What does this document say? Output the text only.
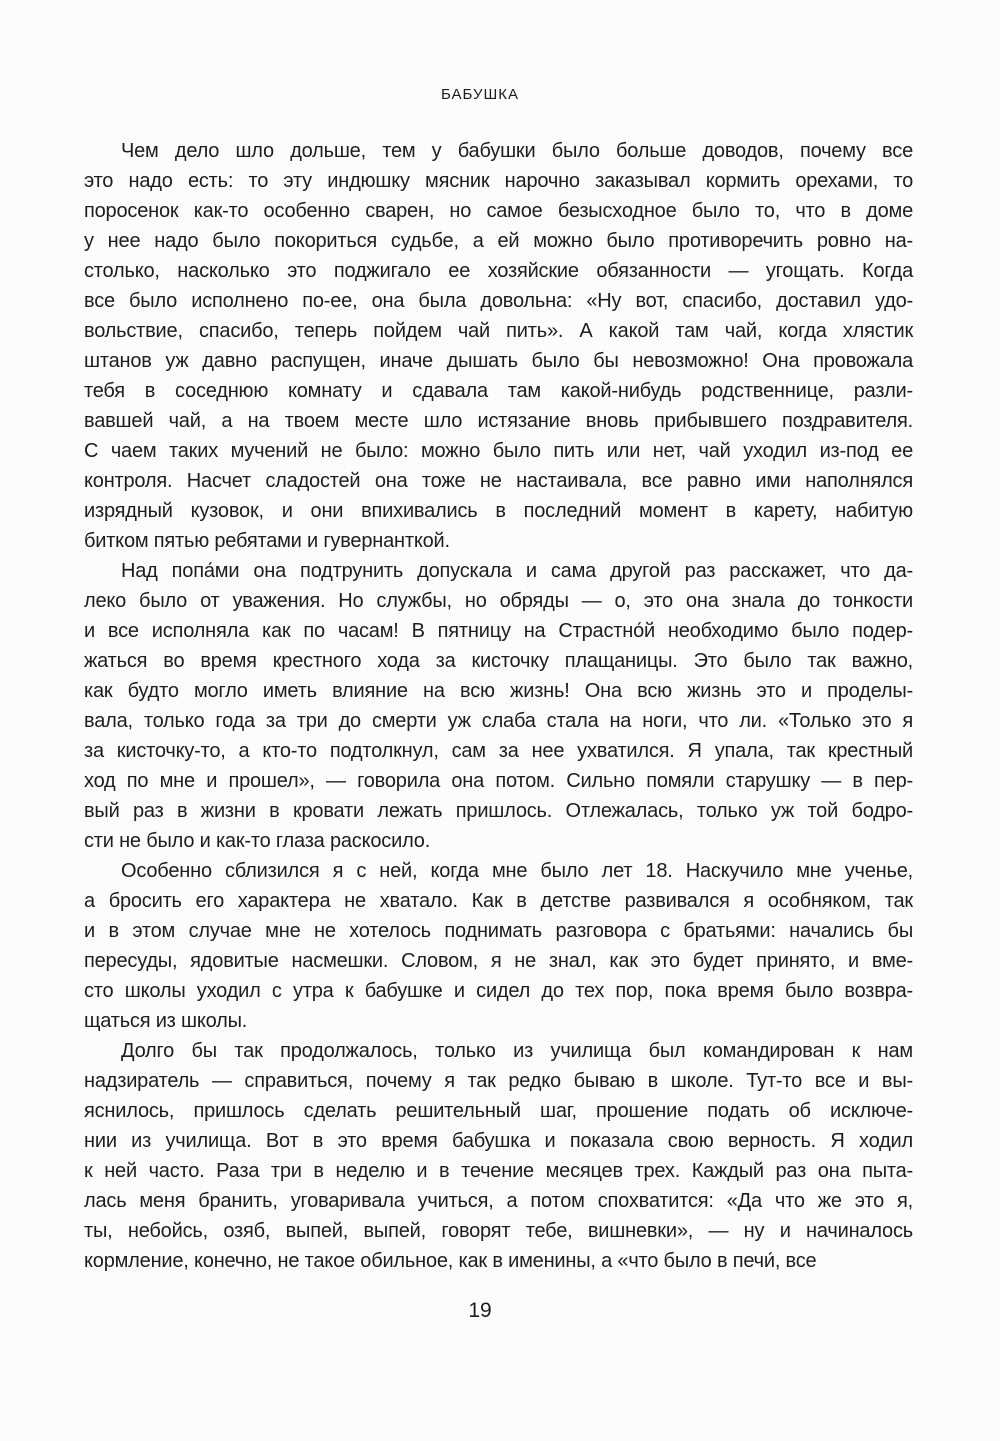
БАБУШКА
Чем дело шло дольше, тем у бабушки было больше доводов, почему все
это надо есть: то эту индюшку мясник нарочно заказывал кормить орехами, то
поросенок как-то особенно сварен, но самое безысходное было то, что в доме
у нее надо было покориться судьбе, а ей можно было противоречить ровно на-
столько, насколько это поджигало ее хозяйские обязанности — угощать. Когда
все было исполнено по-ее, она была довольна: «Ну вот, спасибо, доставил удо-
вольствие, спасибо, теперь пойдем чай пить». А какой там чай, когда хлястик
штанов уж давно распущен, иначе дышать было бы невозможно! Она провожала
тебя в соседнюю комнату и сдавала там какой-нибудь родственнице, разли-
вавшей чай, а на твоем месте шло истязание вновь прибывшего поздравителя.
С чаем таких мучений не было: можно было пить или нет, чай уходил из-под ее
контроля. Насчет сладостей она тоже не настаивала, все равно ими наполнялся
изрядный кузовок, и они впихивались в последний момент в карету, набитую
битком пятью ребятами и гувернанткой.
Над попа́ми она подтрунить допускала и сама другой раз расскажет, что да-
леко было от уважения. Но службы, но обряды — о, это она знала до тонкости
и все исполняла как по часам! В пятницу на Страстно́й необходимо было подер-
жаться во время крестного хода за кисточку плащаницы. Это было так важно,
как будто могло иметь влияние на всю жизнь! Она всю жизнь это и проделы-
вала, только года за три до смерти уж слаба стала на ноги, что ли. «Только это я
за кисточку-то, а кто-то подтолкнул, сам за нее ухватился. Я упала, так крестный
ход по мне и прошел», — говорила она потом. Сильно помяли старушку — в пер-
вый раз в жизни в кровати лежать пришлось. Отлежалась, только уж той бодро-
сти не было и как-то глаза раскосило.
Особенно сблизился я с ней, когда мне было лет 18. Наскучило мне ученье,
а бросить его характера не хватало. Как в детстве развивался я особняком, так
и в этом случае мне не хотелось поднимать разговора с братьями: начались бы
пересуды, ядовитые насмешки. Словом, я не знал, как это будет принято, и вме-
сто школы уходил с утра к бабушке и сидел до тех пор, пока время было возвра-
щаться из школы.
Долго бы так продолжалось, только из училища был командирован к нам
надзиратель — справиться, почему я так редко бываю в школе. Тут-то все и вы-
яснилось, пришлось сделать решительный шаг, прошение подать об исключе-
нии из училища. Вот в это время бабушка и показала свою верность. Я ходил
к ней часто. Раза три в неделю и в течение месяцев трех. Каждый раз она пыта-
лась меня бранить, уговаривала учиться, а потом спохватится: «Да что же это я,
ты, небойсь, озяб, выпей, выпей, говорят тебе, вишневки», — ну и начиналось
кормление, конечно, не такое обильное, как в именины, а «что было в печи́, все
19
